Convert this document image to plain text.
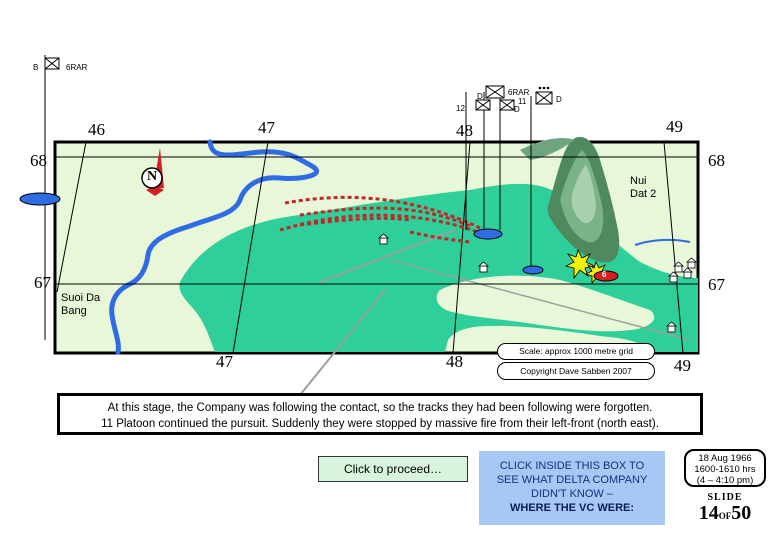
N
B	6RAR
D	6RAR
11
D
12
D
46	47	48	49
47	48	49
68
67
68
67
Nui
Dat 2
Suoi Da
Bang
6
Scale: approx 1000 metre grid
Copyright Dave Sabben 2007
At this stage, the Company was following the contact, so the tracks they had been following were forgotten.
11 Platoon continued the pursuit. Suddenly they were stopped by massive fire from their left-front (north east).
Click to proceed…	CLICK INSIDE THIS BOX TO
SEE WHAT DELTA COMPANY
DIDN'T KNOW –
WHERE THE VC WERE:
18 Aug 1966
1600-1610 hrs
(4 – 4:10 pm)
SLIDE
14OF50
